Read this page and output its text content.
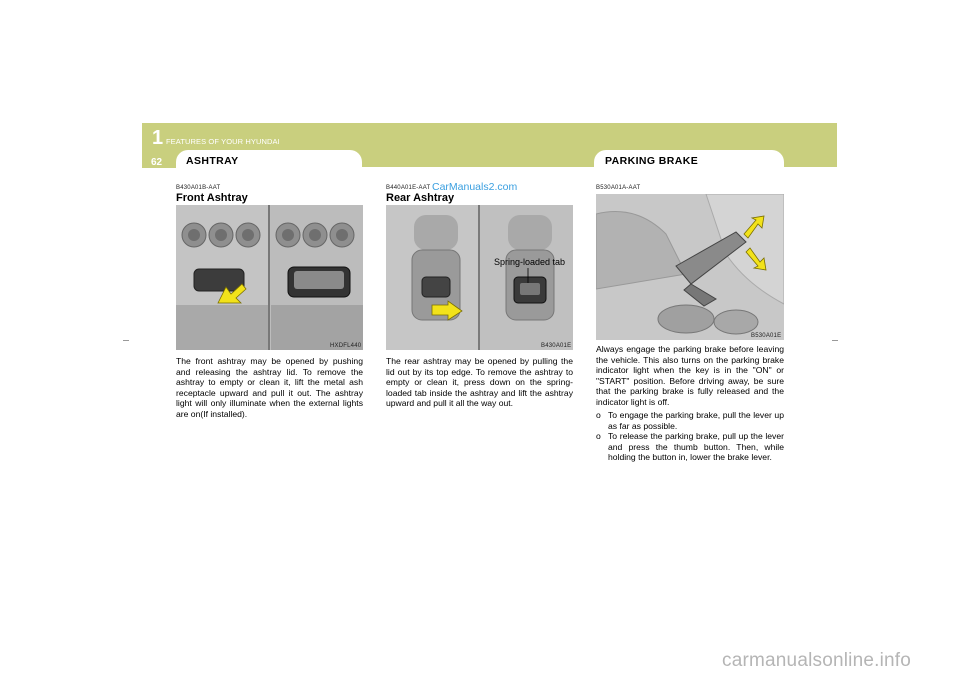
1 FEATURES OF YOUR HYUNDAI
62 ASHTRAY	PARKING BRAKE
B430A01B-AAT
Front Ashtray
HXDFL440
The front ashtray may be opened by pushing and releasing the ashtray lid. To remove the ashtray to empty or clean it, lift the metal ash receptacle upward and pull it out. The ashtray light will only illuminate when the external lights are on(If installed).
B440A01E-AAT CarManuals2.com
Rear Ashtray
Spring-loaded tab
B430A01E
The rear ashtray may be opened by pulling the lid out by its top edge. To remove the ashtray to empty or clean it, press down on the spring-loaded tab inside the ashtray and lift the ashtray upward and pull it all the way out.
B530A01A-AAT
B530A01E
Always engage the parking brake before leaving the vehicle. This also turns on the parking brake indicator light when the key is in the "ON" or "START" position. Before driving away, be sure that the parking brake is fully released and the indicator light is off.
o To engage the parking brake, pull the lever up as far as possible.
o To release the parking brake, pull up the lever and press the thumb button. Then, while holding the button in, lower the brake lever.
carmanualsonline.info
